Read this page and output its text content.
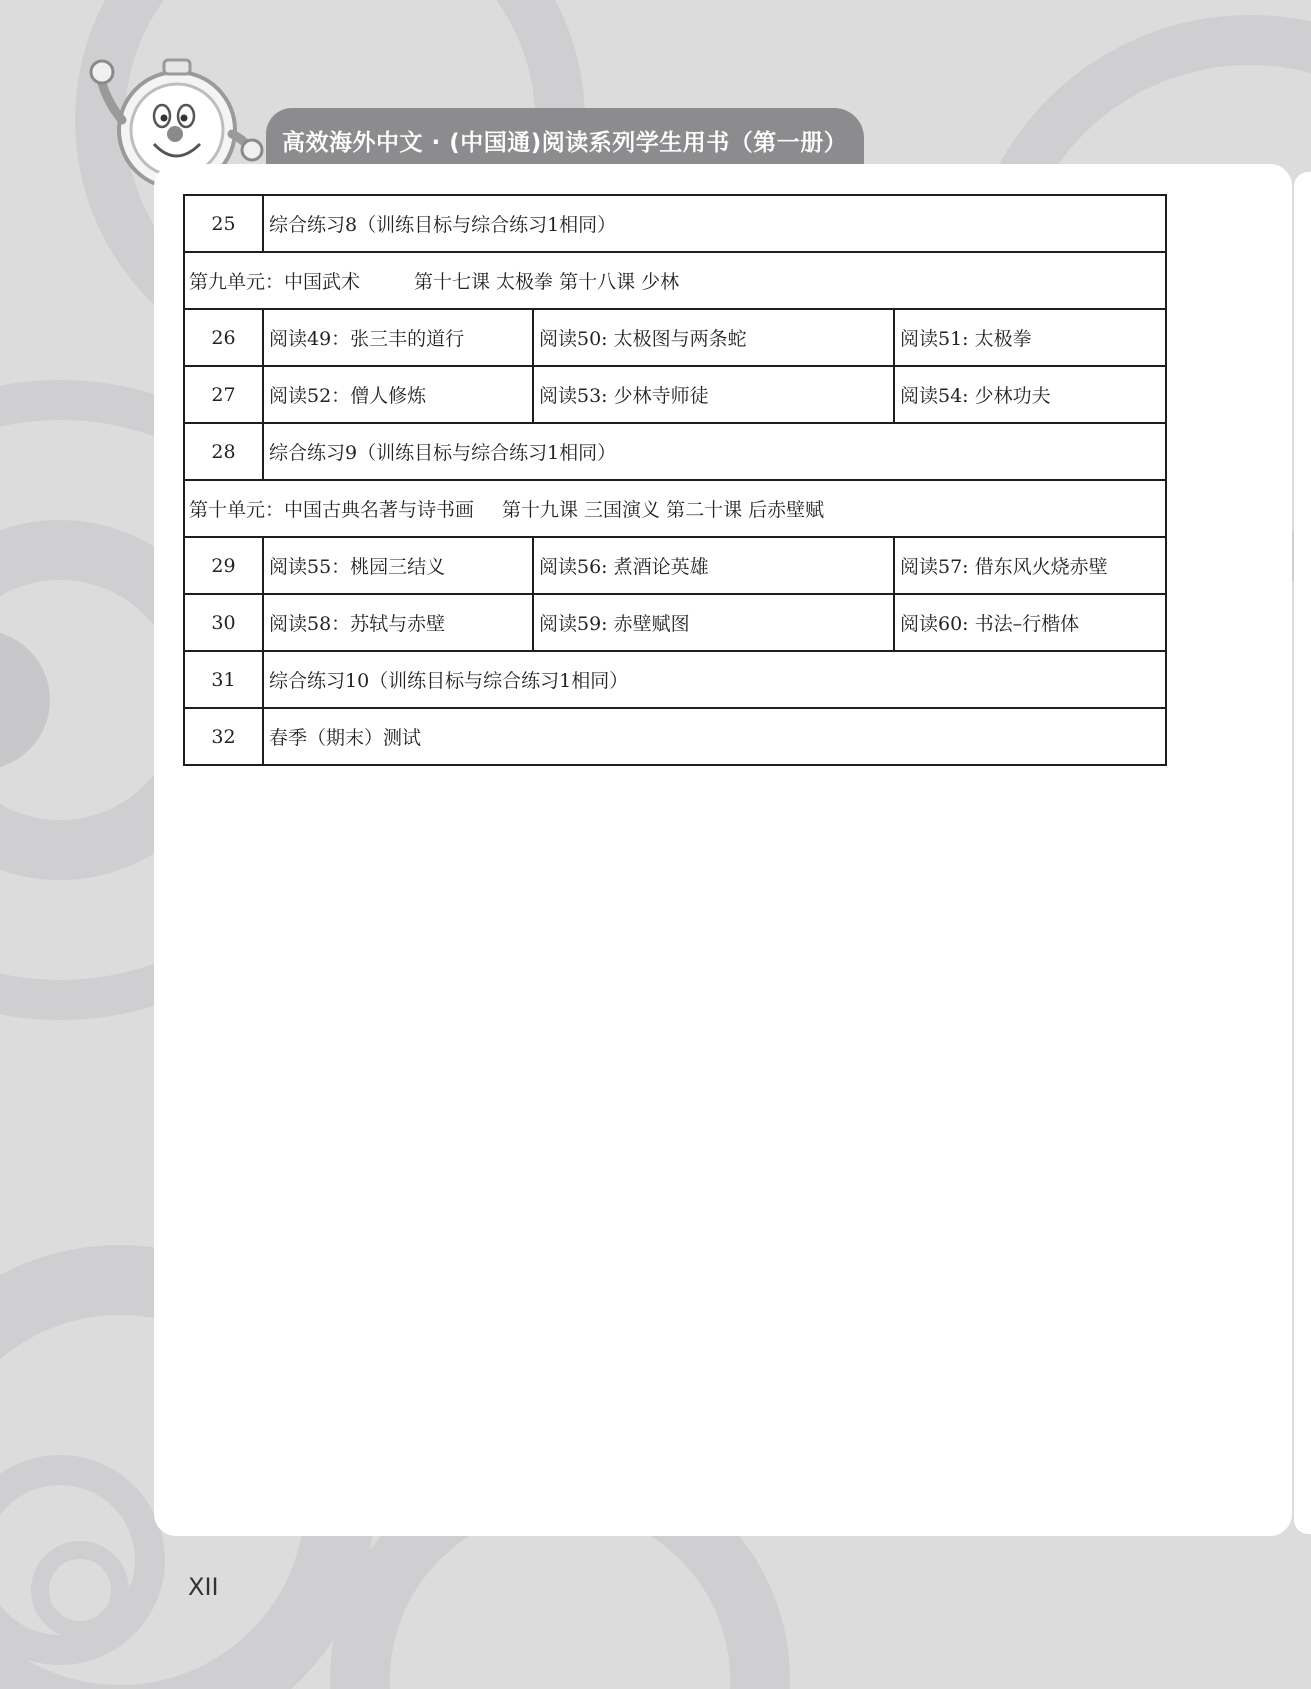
高效海外中文 · (中国通)阅读系列学生用书（第一册）
25	综合练习8（训练目标与综合练习1相同）		
第九单元：中国武术 第十七课 太极拳 第十八课 少林			
26	阅读49：张三丰的道行	阅读50: 太极图与两条蛇	阅读51: 太极拳
27	阅读52：僧人修炼	阅读53: 少林寺师徒	阅读54: 少林功夫
28	综合练习9（训练目标与综合练习1相同）		
第十单元：中国古典名著与诗书画 第十九课 三国演义 第二十课 后赤壁赋			
29	阅读55：桃园三结义	阅读56: 煮酒论英雄	阅读57: 借东风火烧赤壁
30	阅读58：苏轼与赤壁	阅读59: 赤壁赋图	阅读60: 书法–行楷体
31	综合练习10（训练目标与综合练习1相同）		
32	春季（期末）测试		
XII
